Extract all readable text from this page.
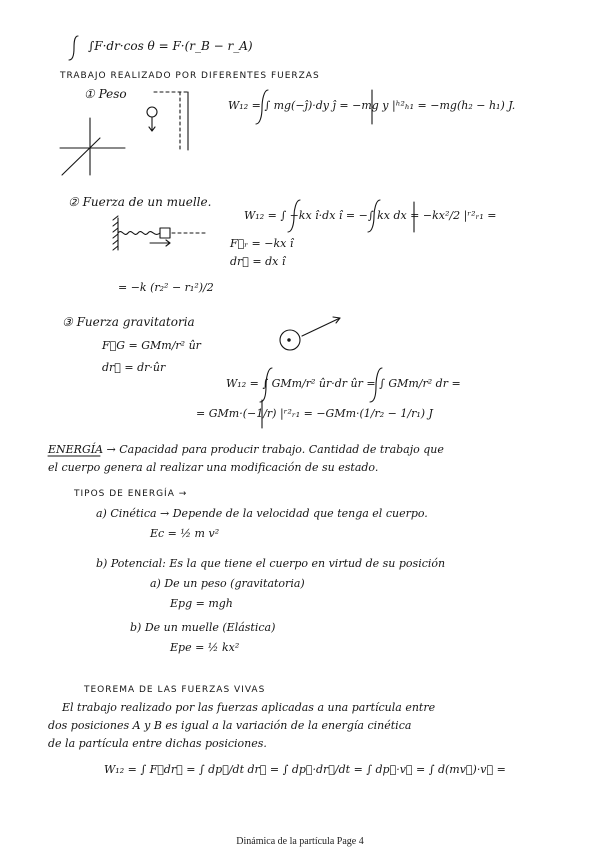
∫F·dr·cos θ = F·(r_B − r_A)
TRABAJO REALIZADO POR DIFERENTES FUERZAS
① Peso
W₁₂ = ∫ mg(−ĵ)·dy ĵ = −mg y |ʰ²ₕ₁ = −mg(h₂ − h₁) J.
② Fuerza de un muelle.
W₁₂ = ∫ −kx î·dx î = −∫ kx dx = −kx²/2 |ʳ²ᵣ₁ =
F⃗ᵣ = −kx î
dr⃗ = dx î
= −k (r₂² − r₁²)/2
③ Fuerza gravitatoria
F⃗G = GMm/r² ûr
dr⃗ = dr·ûr
W₁₂ = ∫ GMm/r² ûr·dr ûr = ∫ GMm/r² dr =
= GMm·(−1/r) |ʳ²ᵣ₁ = −GMm·(1/r₂ − 1/r₁) J
ENERGÍA → Capacidad para producir trabajo. Cantidad de trabajo que
el cuerpo genera al realizar una modificación de su estado.
TIPOS DE ENERGÍA →
a) Cinética → Depende de la velocidad que tenga el cuerpo.
Ec = ½ m v²
b) Potencial: Es la que tiene el cuerpo en virtud de su posición
a) De un peso (gravitatoria)
Epg = mgh
b) De un muelle (Elástica)
Epe = ½ kx²
TEOREMA DE LAS FUERZAS VIVAS
El trabajo realizado por las fuerzas aplicadas a una partícula entre
dos posiciones A y B es igual a la variación de la energía cinética
de la partícula entre dichas posiciones.
W₁₂ = ∫ F⃗dr⃗ = ∫ dp⃗/dt dr⃗ = ∫ dp⃗·dr⃗/dt = ∫ dp⃗·v⃗ = ∫ d(mv⃗)·v⃗ =
Dinámica de la partícula Page 4
